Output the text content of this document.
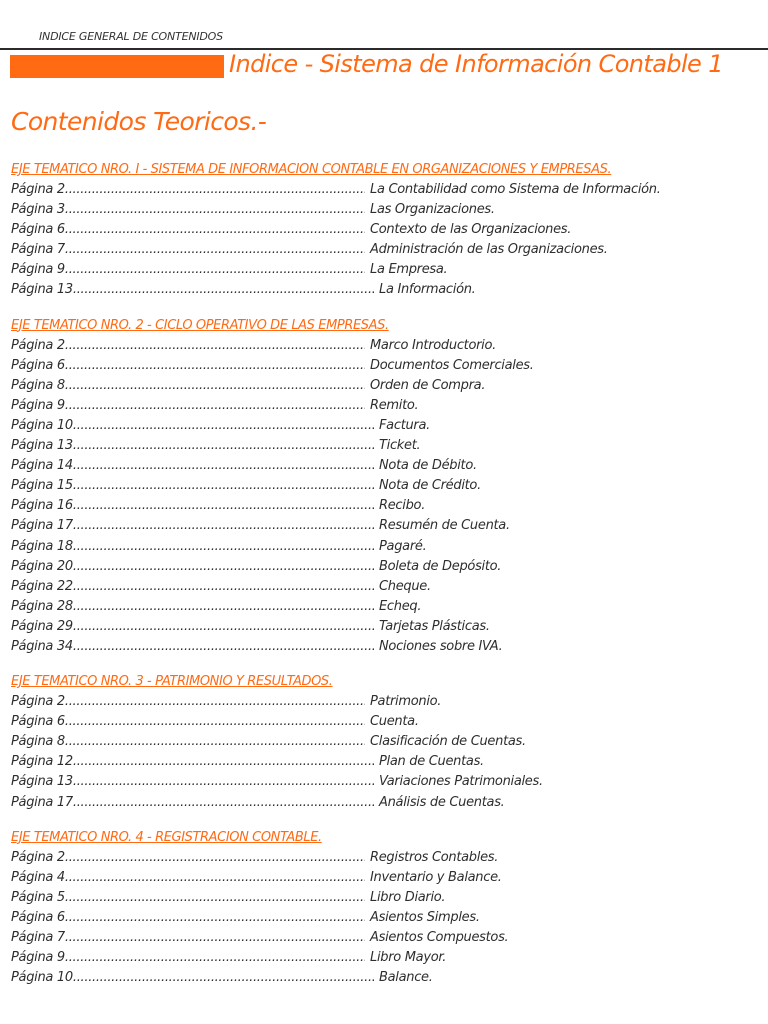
INDICE GENERAL DE CONTENIDOS
Indice - Sistema de Información Contable 1
Contenidos Teoricos.-
EJE TEMATICO NRO. I - SISTEMA DE INFORMACION CONTABLE EN ORGANIZACIONES Y EMPRESAS.
Página 2 .....	La Contabilidad como Sistema de Información.
Página 3 .....	Las Organizaciones.
Página 6 .....	Contexto de las Organizaciones.
Página 7 .....	Administración de las Organizaciones.
Página 9 .....	La Empresa.
Página 13 .....	La Información.
EJE TEMATICO NRO. 2 - CICLO OPERATIVO DE LAS EMPRESAS.
Página 2 .....	Marco Introductorio.
Página 6 .....	Documentos Comerciales.
Página 8 .....	Orden de Compra.
Página 9 .....	Remito.
Página 10 .....	Factura.
Página 13 .....	Ticket.
Página 14 .....	Nota de Débito.
Página 15 .....	Nota de Crédito.
Página 16 .....	Recibo.
Página 17 .....	Resumén de Cuenta.
Página 18 .....	Pagaré.
Página 20 .....	Boleta de Depósito.
Página 22 .....	Cheque.
Página 28 .....	Echeq.
Página 29 .....	Tarjetas Plásticas.
Página 34 .....	Nociones sobre IVA.
EJE TEMATICO NRO. 3 - PATRIMONIO Y RESULTADOS.
Página 2 .....	Patrimonio.
Página 6 .....	Cuenta.
Página 8 .....	Clasificación de Cuentas.
Página 12 .....	Plan de Cuentas.
Página 13 .....	Variaciones Patrimoniales.
Página 17 .....	Análisis de Cuentas.
EJE TEMATICO NRO. 4 - REGISTRACION CONTABLE.
Página 2 .....	Registros Contables.
Página 4 .....	Inventario y Balance.
Página 5 .....	Libro Diario.
Página 6 .....	Asientos Simples.
Página 7 .....	Asientos Compuestos.
Página 9 .....	Libro Mayor.
Página 10 .....	Balance.
